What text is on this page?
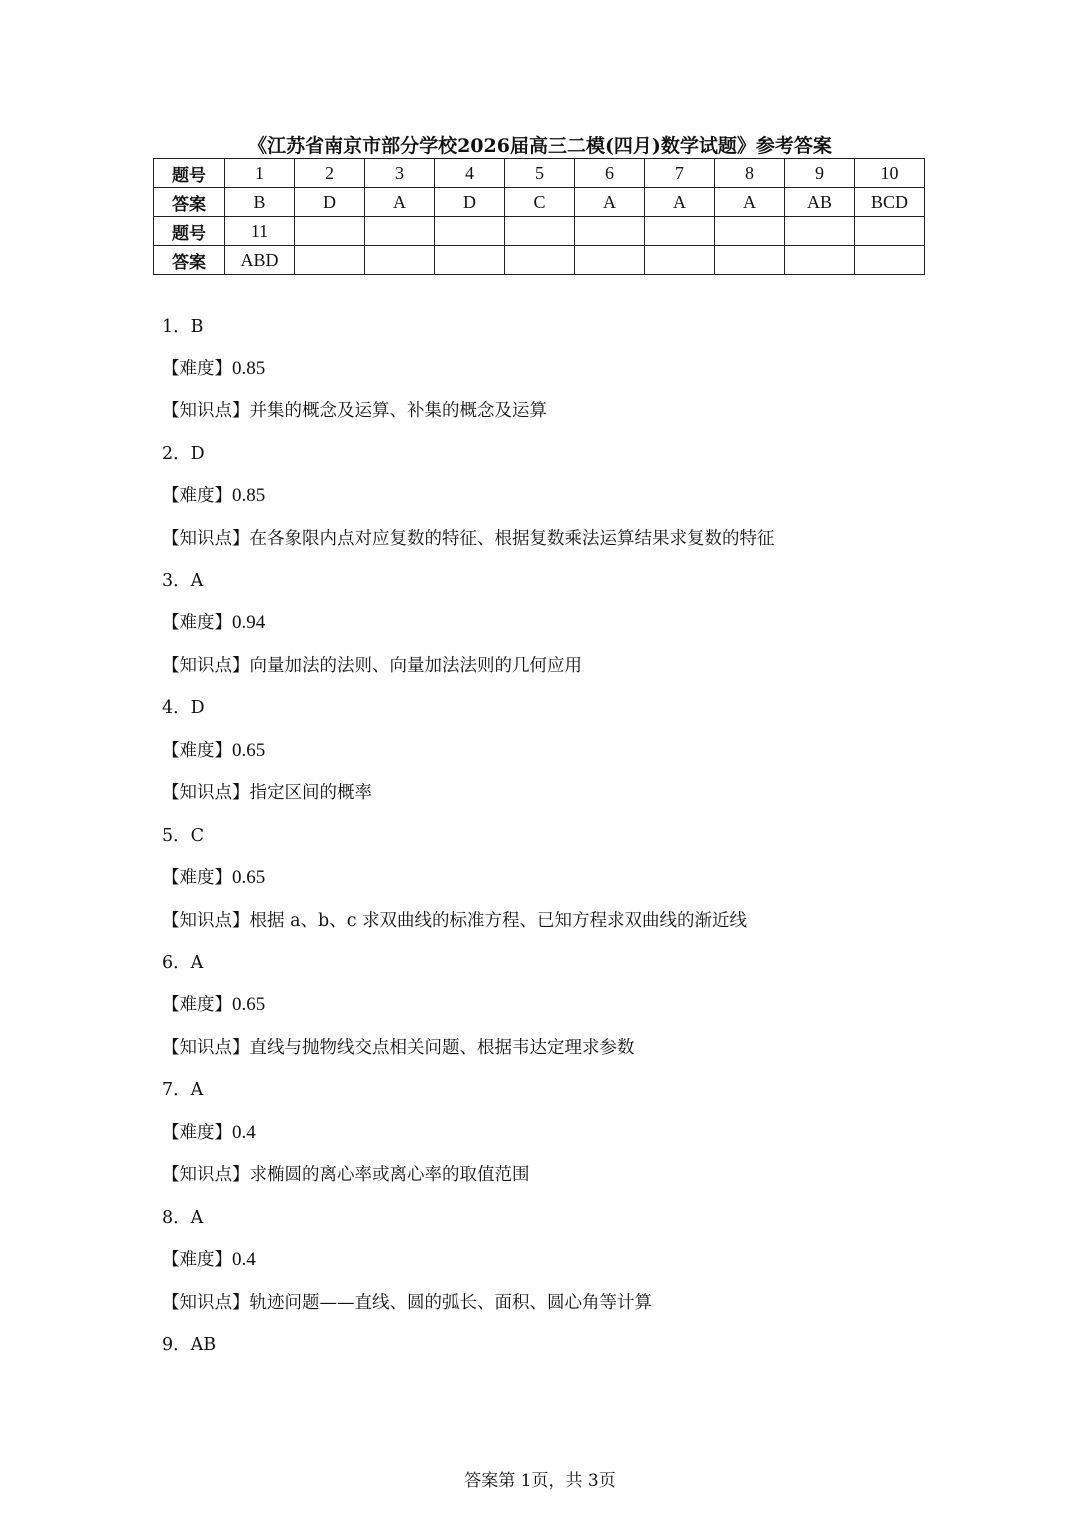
《江苏省南京市部分学校2026届高三二模(四月)数学试题》参考答案
题号	1	2	3	4	5	6	7	8	9	10
答案	B	D	A	D	C	A	A	A	AB	BCD
题号	11									
答案	ABD									
1．B
【难度】0.85
【知识点】并集的概念及运算、补集的概念及运算
2．D
【难度】0.85
【知识点】在各象限内点对应复数的特征、根据复数乘法运算结果求复数的特征
3．A
【难度】0.94
【知识点】向量加法的法则、向量加法法则的几何应用
4．D
【难度】0.65
【知识点】指定区间的概率
5．C
【难度】0.65
【知识点】根据 a、b、c 求双曲线的标准方程、已知方程求双曲线的渐近线
6．A
【难度】0.65
【知识点】直线与抛物线交点相关问题、根据韦达定理求参数
7．A
【难度】0.4
【知识点】求椭圆的离心率或离心率的取值范围
8．A
【难度】0.4
【知识点】轨迹问题——直线、圆的弧长、面积、圆心角等计算
9．AB
答案第 1页，共 3页
